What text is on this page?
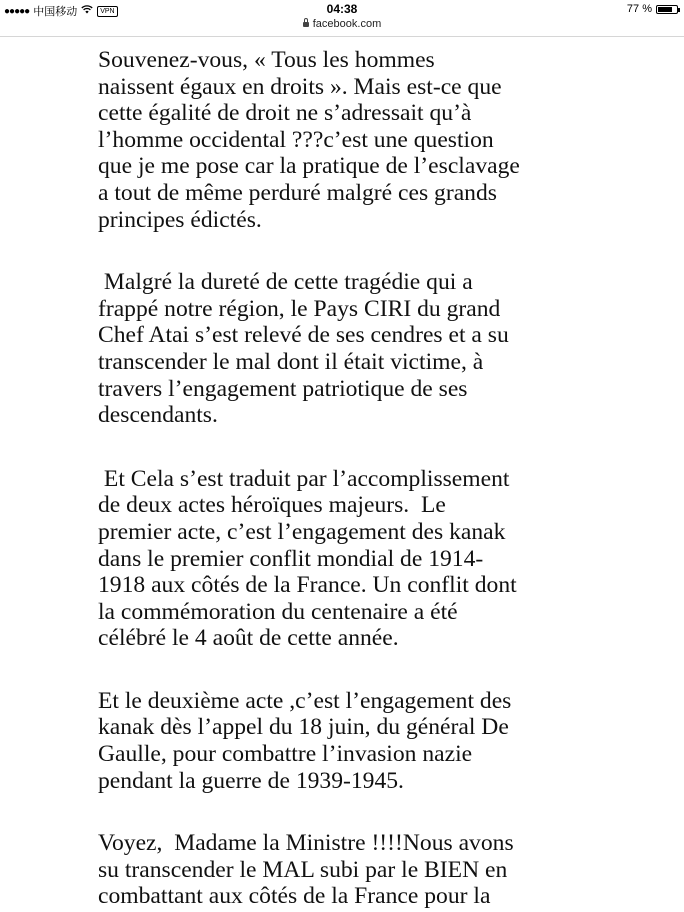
●●●●● 中国移动	VPN	04:38	77 %
facebook.com

Souvenez-vous, « Tous les hommes
naissent égaux en droits ». Mais est-ce que
cette égalité de droit ne s’adressait qu’à
l’homme occidental ???c’est une question
que je me pose car la pratique de l’esclavage
a tout de même perduré malgré ces grands
principes édictés.

Malgré la dureté de cette tragédie qui a
frappé notre région, le Pays CIRI du grand
Chef Atai s’est relevé de ses cendres et a su
transcender le mal dont il était victime, à
travers l’engagement patriotique de ses
descendants.

Et Cela s’est traduit par l’accomplissement
de deux actes héroïques majeurs.  Le
premier acte, c’est l’engagement des kanak
dans le premier conflit mondial de 1914-
1918 aux côtés de la France. Un conflit dont
la commémoration du centenaire a été
célébré le 4 août de cette année.

Et le deuxième acte ,c’est l’engagement des
kanak dès l’appel du 18 juin, du général De
Gaulle, pour combattre l’invasion nazie
pendant la guerre de 1939-1945.

Voyez,  Madame la Ministre !!!!Nous avons
su transcender le MAL subi par le BIEN en
combattant aux côtés de la France pour la
